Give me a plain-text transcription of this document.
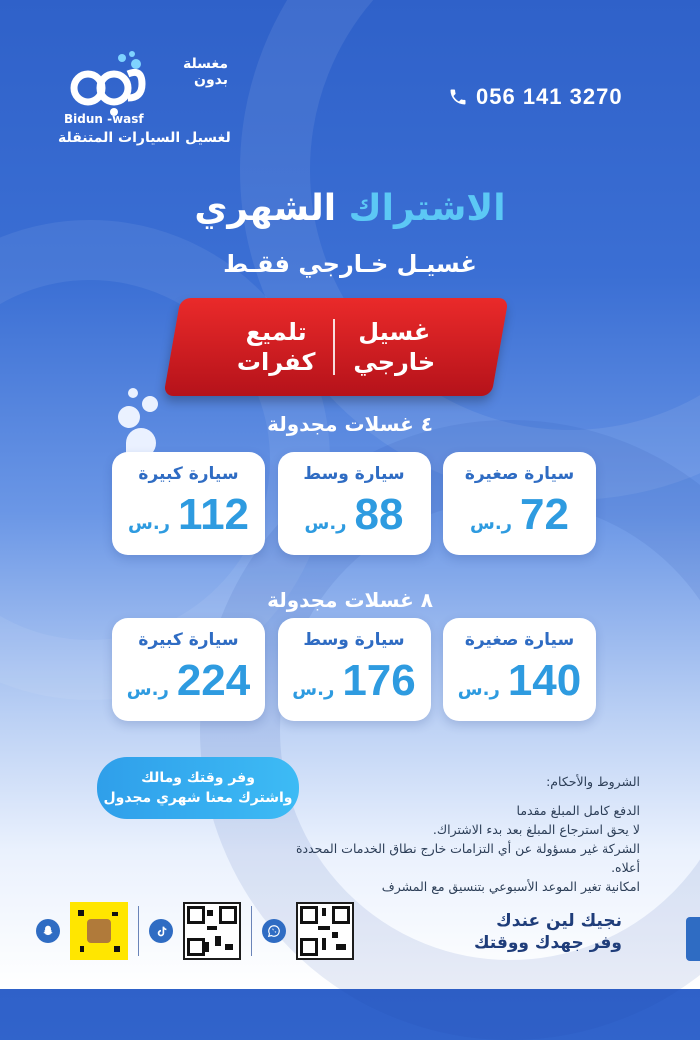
مغسلة
بدون
Bidun -wasf
لغسيل السيارات المتنقلة
056 141 3270
الاشتراك الشهري
غسيـل خـارجي فقـط
غسيل
خارجي
تلميع
كفرات
٤ غسلات مجدولة
سيارة صغيرة
ر.س 72
سيارة وسط
ر.س 88
سيارة كبيرة
ر.س 112
٨ غسلات مجدولة
سيارة صغيرة
ر.س 140
سيارة وسط
ر.س 176
سيارة كبيرة
ر.س 224
وفر وقتك ومالك
واشترك معنا شهري مجدول
الشروط والأحكام:
الدفع كامل المبلغ مقدما
لا يحق استرجاع المبلغ بعد بدء الاشتراك.
الشركة غير مسؤولة عن أي التزامات خارج نطاق الخدمات المحددة أعلاه.
امكانية تغير الموعد الأسبوعي بتنسيق مع المشرف
نجيك لين عندك
وفر جهدك ووقتك
